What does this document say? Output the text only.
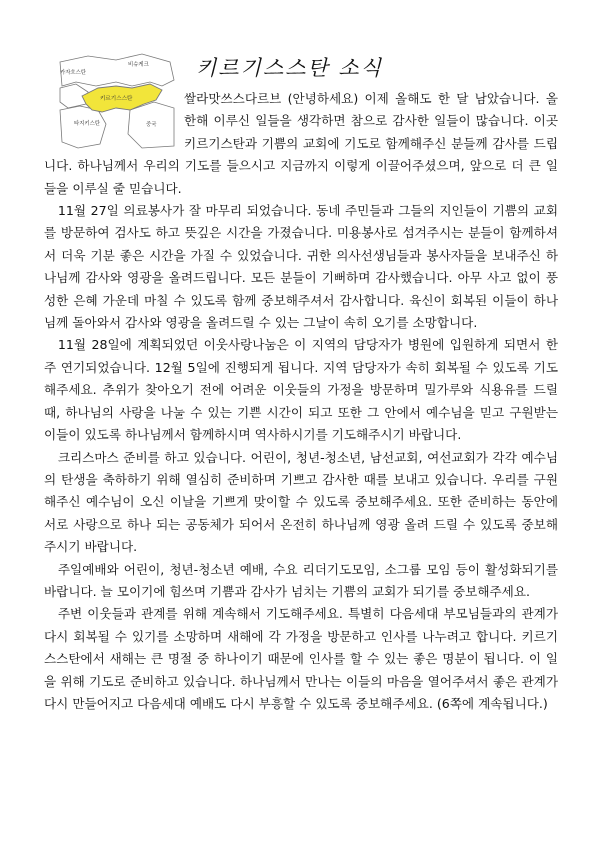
카자흐스탄
비슈케크
키르기스스탄
타지키스탄	중국
키르기스스탄 소식

쌀라맛쓰스다르브 (안녕하세요) 이제 올해도 한 달 남았습니다. 올 한해 이루신 일들을 생각하면 참으로 감사한 일들이 많습니다. 이곳 키르기스탄과 기쁨의 교회에 기도로 함께해주신 분들께 감사를 드립니다. 하나님께서 우리의 기도를 들으시고 지금까지 이렇게 이끌어주셨으며, 앞으로 더 큰 일들을 이루실 줄 믿습니다.

11월 27일 의료봉사가 잘 마무리 되었습니다. 동네 주민들과 그들의 지인들이 기쁨의 교회를 방문하여 검사도 하고 뜻깊은 시간을 가졌습니다. 미용봉사로 섬겨주시는 분들이 함께하셔서 더욱 기분 좋은 시간을 가질 수 있었습니다. 귀한 의사선생님들과 봉사자들을 보내주신 하나님께 감사와 영광을 올려드립니다. 모든 분들이 기뻐하며 감사했습니다. 아무 사고 없이 풍성한 은혜 가운데 마칠 수 있도록 함께 중보해주셔서 감사합니다. 육신이 회복된 이들이 하나님께 돌아와서 감사와 영광을 올려드릴 수 있는 그날이 속히 오기를 소망합니다.

11월 28일에 계획되었던 이웃사랑나눔은 이 지역의 담당자가 병원에 입원하게 되면서 한 주 연기되었습니다. 12월 5일에 진행되게 됩니다. 지역 담당자가 속히 회복될 수 있도록 기도해주세요. 추위가 찾아오기 전에 어려운 이웃들의 가정을 방문하며 밀가루와 식용유를 드릴 때, 하나님의 사랑을 나눌 수 있는 기쁜 시간이 되고 또한 그 안에서 예수님을 믿고 구원받는 이들이 있도록 하나님께서 함께하시며 역사하시기를 기도해주시기 바랍니다.

크리스마스 준비를 하고 있습니다. 어린이, 청년-청소년, 남선교회, 여선교회가 각각 예수님의 탄생을 축하하기 위해 열심히 준비하며 기쁘고 감사한 때를 보내고 있습니다. 우리를 구원해주신 예수님이 오신 이날을 기쁘게 맞이할 수 있도록 중보해주세요. 또한 준비하는 동안에 서로 사랑으로 하나 되는 공동체가 되어서 온전히 하나님께 영광 올려 드릴 수 있도록 중보해주시기 바랍니다.

주일예배와 어린이, 청년-청소년 예배, 수요 리더기도모임, 소그룹 모임 등이 활성화되기를 바랍니다. 늘 모이기에 힘쓰며 기쁨과 감사가 넘치는 기쁨의 교회가 되기를 중보해주세요.

주변 이웃들과 관계를 위해 계속해서 기도해주세요. 특별히 다음세대 부모님들과의 관계가 다시 회복될 수 있기를 소망하며 새해에 각 가정을 방문하고 인사를 나누려고 합니다. 키르기스스탄에서 새해는 큰 명절 중 하나이기 때문에 인사를 할 수 있는 좋은 명분이 됩니다. 이 일을 위해 기도로 준비하고 있습니다. 하나님께서 만나는 이들의 마음을 열어주셔서 좋은 관계가 다시 만들어지고 다음세대 예배도 다시 부흥할 수 있도록 중보해주세요. (6쪽에 계속됩니다.)
